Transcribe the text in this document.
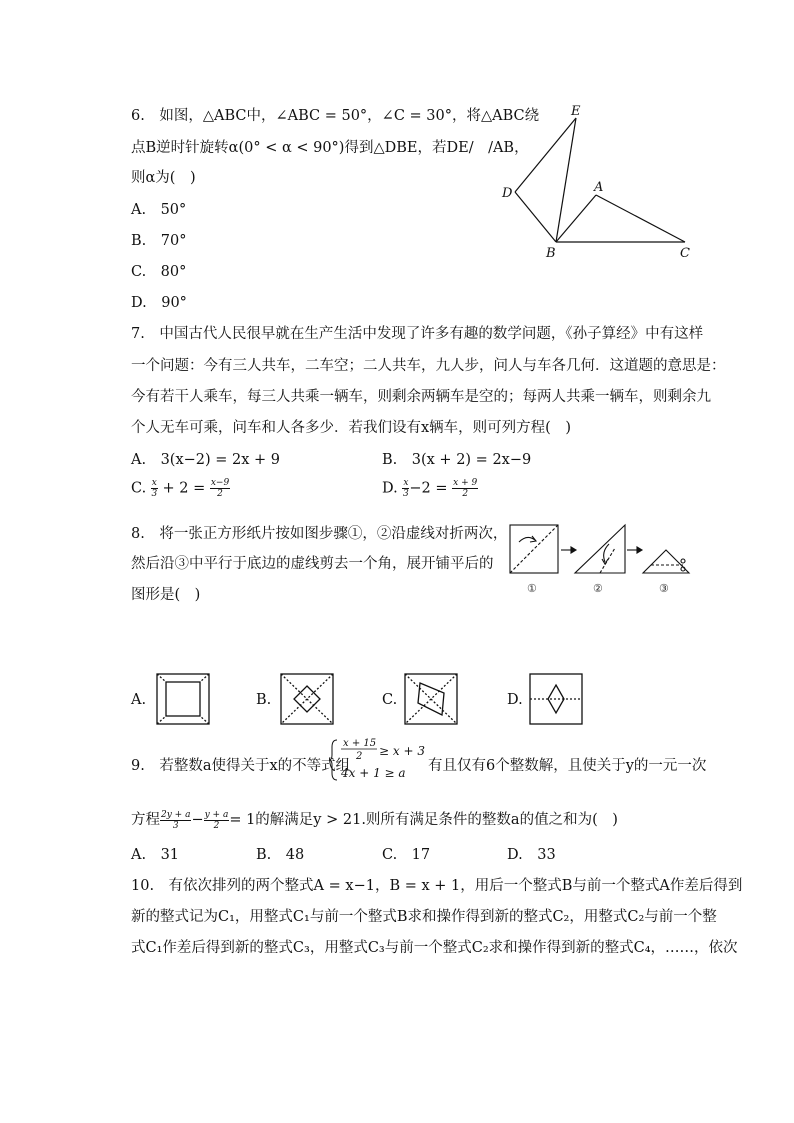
6.　如图，△ABC中，∠ABC = 50°，∠C = 30°，将△ABC绕
点B逆时针旋转α(0° < α < 90°)得到△DBE，若DE/　/AB，
则α为(　)
A.　50°
B.　70°
C.　80°
D.　90°
E
D	A
B	C
7.　中国古代人民很早就在生产生活中发现了许多有趣的数学问题，《孙子算经》中有这样
一个问题：今有三人共车，二车空；二人共车，九人步，问人与车各几何．这道题的意思是：
今有若干人乘车，每三人共乘一辆车，则剩余两辆车是空的；每两人共乘一辆车，则剩余九
个人无车可乘，问车和人各多少．若我们设有x辆车，则可列方程(　)
A.　3(x−2) = 2x + 9	B.　3(x + 2) = 2x−9
C. $\frac{x}{3} + 2 = \frac{x-9}{2}$	D. $\frac{x}{3} -2 = \frac{x + 9}{2}$
8.　将一张正方形纸片按如图步骤①，②沿虚线对折两次，
然后沿③中平行于底边的虚线剪去一个角，展开铺平后的
图形是(　)	①	②	③
A.	B.	C.	D.
9.　若整数a使得关于x的不等式组
x + 15
2 ≥ x + 3
4x + 1 ≥ a 有且仅有6个整数解，且使关于y的一元一次
方程 $\frac{2y + a}{3} - \frac{y + a}{2} = 1$的解满足y > 21.则所有满足条件的整数a的值之和为(　)
A.　31	B.　48	C.　17	D.　33
10.　有依次排列的两个整式A = x−1，B = x + 1，用后一个整式B与前一个整式A作差后得到
新的整式记为C₁，用整式C₁与前一个整式B求和操作得到新的整式C₂，用整式C₂与前一个整
式C₁作差后得到新的整式C₃，用整式C₃与前一个整式C₂求和操作得到新的整式C₄，……，依次
